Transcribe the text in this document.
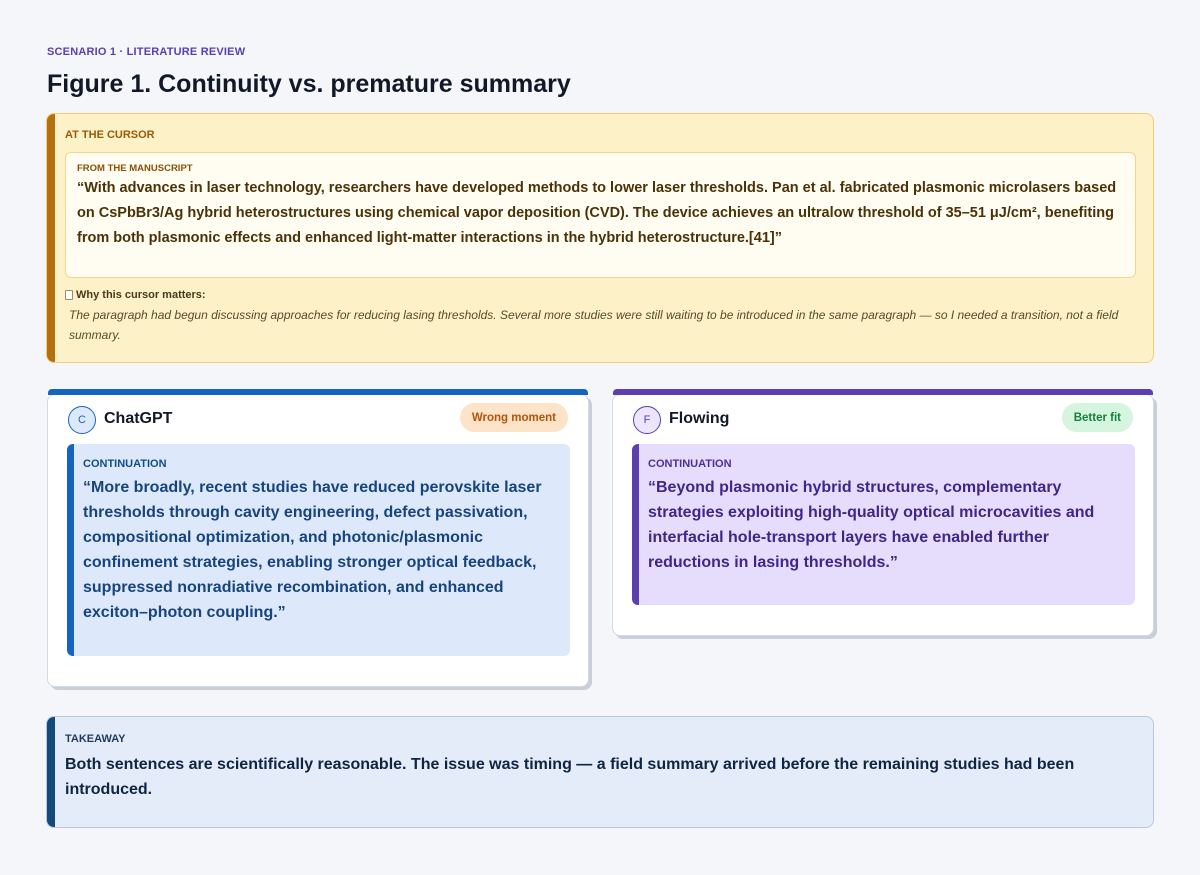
SCENARIO 1 · LITERATURE REVIEW
Figure 1. Continuity vs. premature summary
AT THE CURSOR
FROM THE MANUSCRIPT
“With advances in laser technology, researchers have developed methods to lower laser thresholds. Pan et al. fabricated plasmonic microlasers based on CsPbBr3/Ag hybrid heterostructures using chemical vapor deposition (CVD). The device achieves an ultralow threshold of 35–51 μJ/cm², benefiting from both plasmonic effects and enhanced light-matter interactions in the hybrid heterostructure.[41]”
Why this cursor matters:
The paragraph had begun discussing approaches for reducing lasing thresholds. Several more studies were still waiting to be introduced in the same paragraph — so I needed a transition, not a field summary.
C	ChatGPT	Wrong moment
CONTINUATION
“More broadly, recent studies have reduced perovskite laser thresholds through cavity engineering, defect passivation, compositional optimization, and photonic/plasmonic confinement strategies, enabling stronger optical feedback, suppressed nonradiative recombination, and enhanced exciton–photon coupling.”
F	Flowing	Better fit
CONTINUATION
“Beyond plasmonic hybrid structures, complementary strategies exploiting high-quality optical microcavities and interfacial hole-transport layers have enabled further reductions in lasing thresholds.”
TAKEAWAY
Both sentences are scientifically reasonable. The issue was timing — a field summary arrived before the remaining studies had been introduced.
